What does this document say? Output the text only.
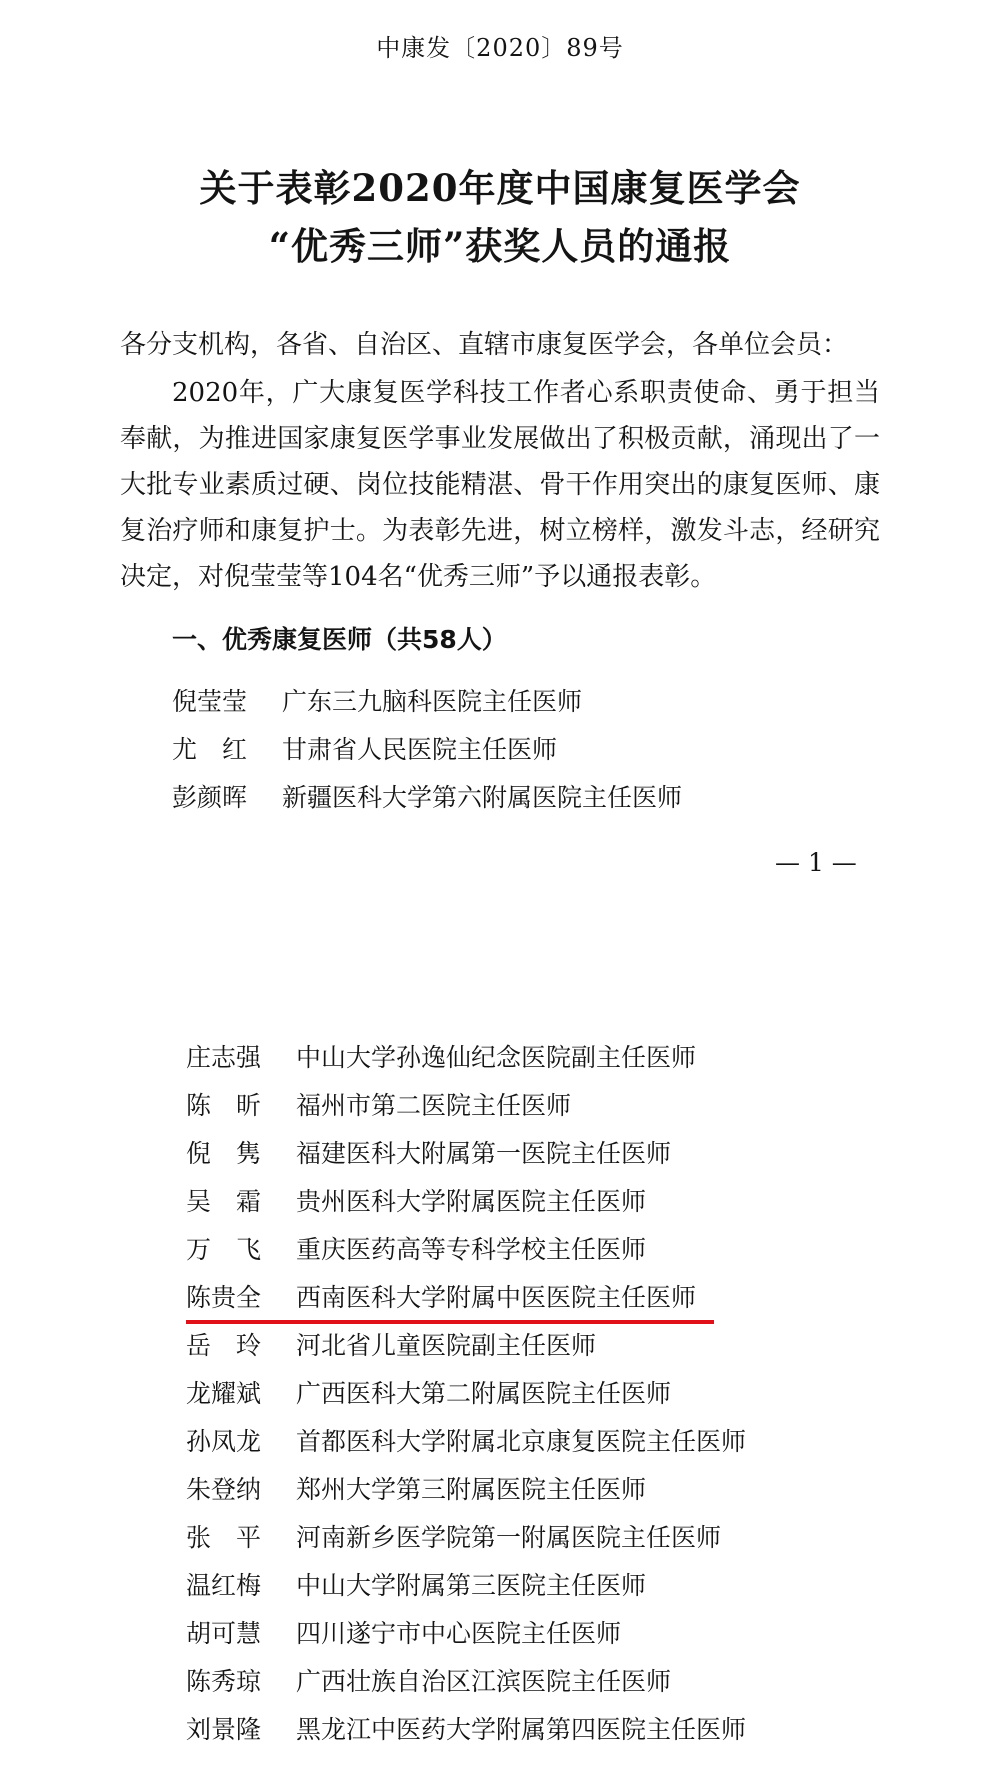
中康发〔2020〕89号
关于表彰2020年度中国康复医学会
“优秀三师”获奖人员的通报
各分支机构，各省、自治区、直辖市康复医学会，各单位会员：
2020年，广大康复医学科技工作者心系职责使命、勇于担当奉献，为推进国家康复医学事业发展做出了积极贡献，涌现出了一大批专业素质过硬、岗位技能精湛、骨干作用突出的康复医师、康复治疗师和康复护士。为表彰先进，树立榜样，激发斗志，经研究决定，对倪莹莹等104名“优秀三师”予以通报表彰。
一、优秀康复医师（共58人）
倪莹莹 广东三九脑科医院主任医师
尤　红 甘肃省人民医院主任医师
彭颜晖 新疆医科大学第六附属医院主任医师
— 1 —
庄志强 中山大学孙逸仙纪念医院副主任医师
陈　昕 福州市第二医院主任医师
倪　隽 福建医科大附属第一医院主任医师
吴　霜 贵州医科大学附属医院主任医师
万　飞 重庆医药高等专科学校主任医师
陈贵全 西南医科大学附属中医医院主任医师
岳　玲 河北省儿童医院副主任医师
龙耀斌 广西医科大第二附属医院主任医师
孙凤龙 首都医科大学附属北京康复医院主任医师
朱登纳 郑州大学第三附属医院主任医师
张　平 河南新乡医学院第一附属医院主任医师
温红梅 中山大学附属第三医院主任医师
胡可慧 四川遂宁市中心医院主任医师
陈秀琼 广西壮族自治区江滨医院主任医师
刘景隆 黑龙江中医药大学附属第四医院主任医师
